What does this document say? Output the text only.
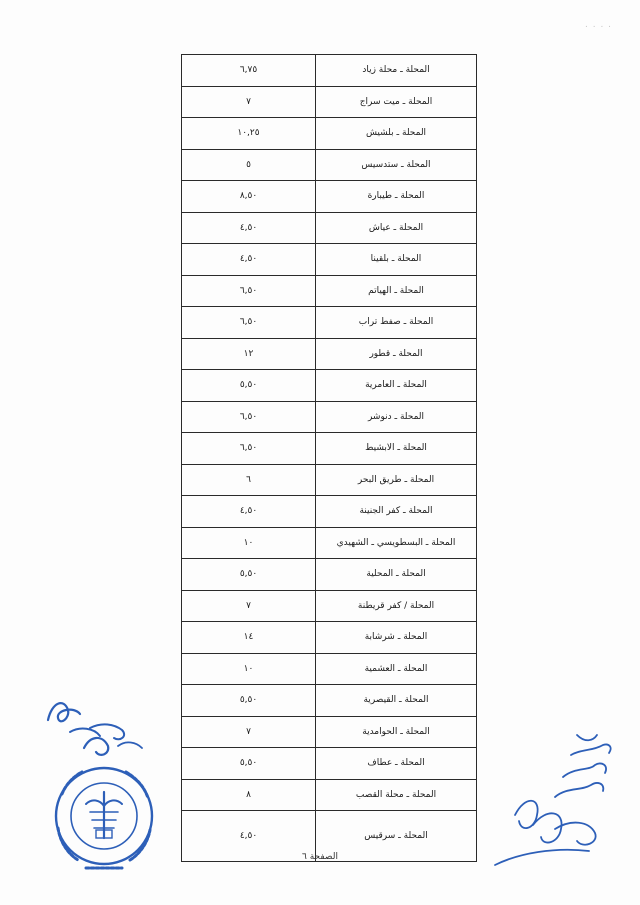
٠ ٠ ٠ ٠
المحلة ـ محلة زياد	٦,٧٥
المحلة ـ ميت سراج	٧
المحلة ـ بلشيش	١٠,٢٥
المحلة ـ ستدسيس	٥
المحلة ـ طيبارة	٨,٥٠
المحلة ـ عياش	٤,٥٠
المحلة ـ بلقينا	٤,٥٠
المحلة ـ الهياتم	٦,٥٠
المحلة ـ صفط تراب	٦,٥٠
المحلة ـ قطور	١٢
المحلة ـ العامرية	٥,٥٠
المحلة ـ دنوشر	٦,٥٠
المحلة ـ الابشيط	٦,٥٠
المحلة ـ طريق البحر	٦
المحلة ـ كفر الجنينة	٤,٥٠
المحلة ـ البسطويسي ـ الشهيدي	١٠
المحلة ـ المحلية	٥,٥٠
المحلة / كفر قريطنة	٧
المحلة ـ شرشابة	١٤
المحلة ـ العشمية	١٠
المحلة ـ القيصرية	٥,٥٠
المحلة ـ الحوامدية	٧
المحلة ـ عطاف	٥,٥٠
المحلة ـ محلة القصب	٨
المحلة ـ سرقيس	٤,٥٠
الصفحة ٦
